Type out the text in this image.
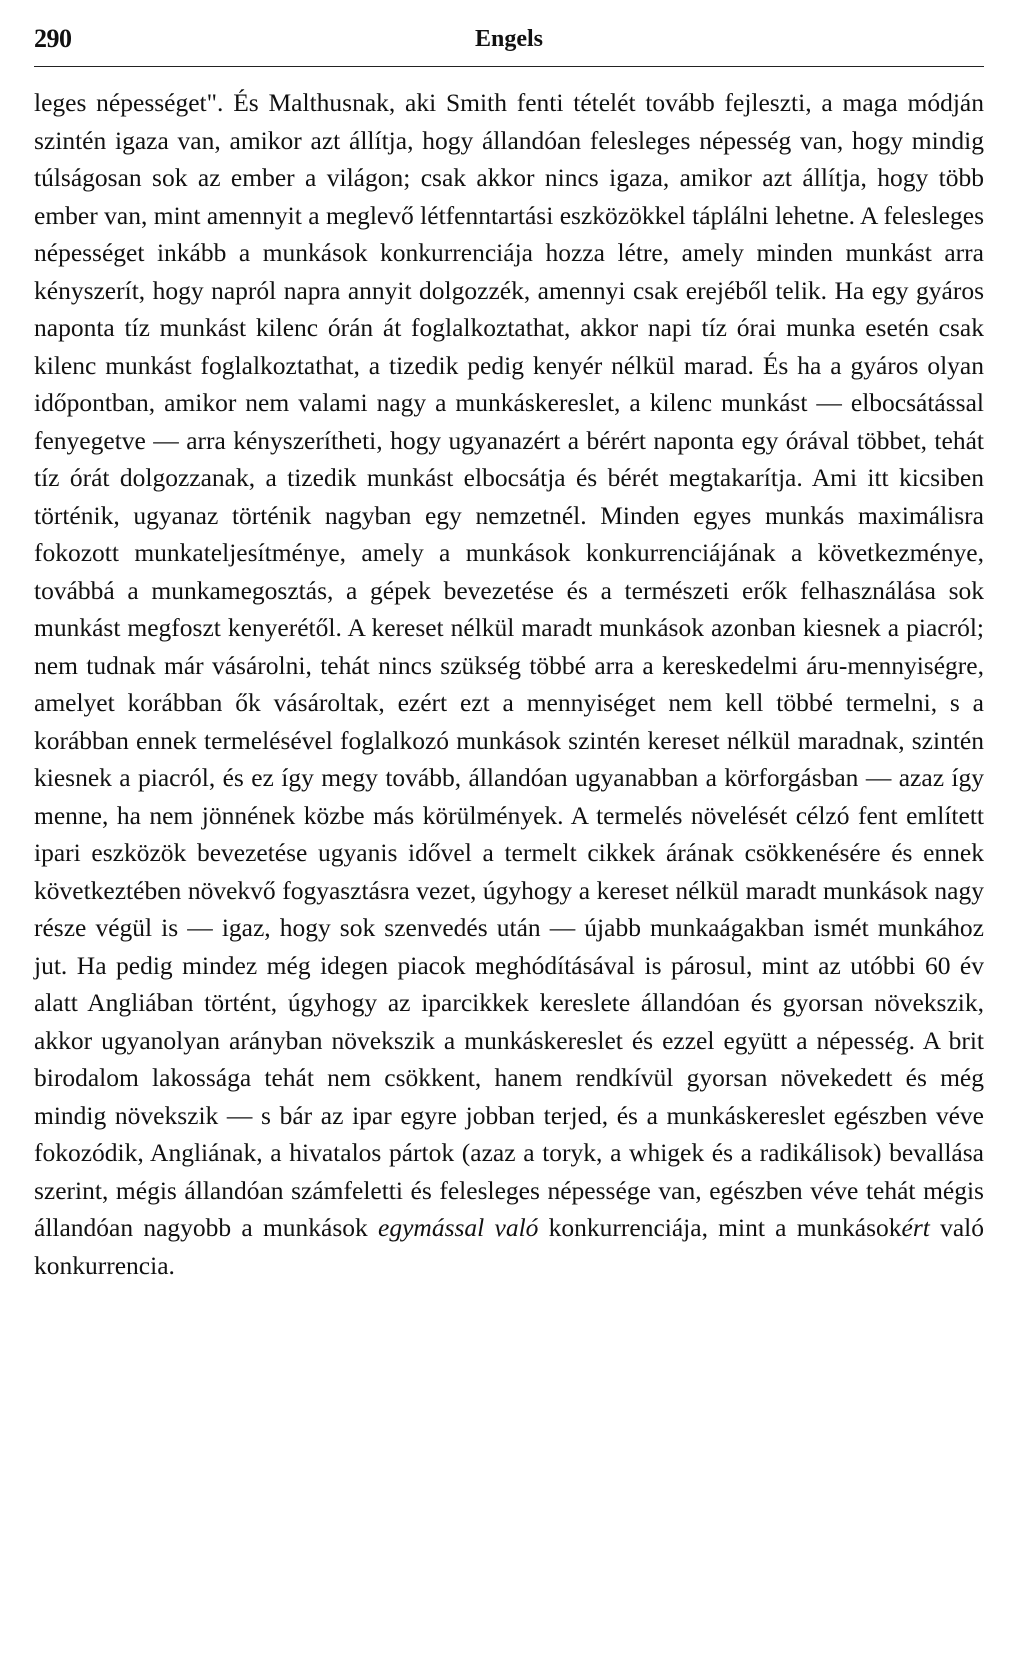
290	Engels

leges népességet". És Malthusnak, aki Smith fenti tételét tovább fejleszti, a maga módján szintén igaza van, amikor azt állítja, hogy állandóan felesleges népesség van, hogy mindig túlságosan sok az ember a világon; csak akkor nincs igaza, amikor azt állítja, hogy több ember van, mint amennyit a meglevő létfenntartási eszközökkel táplálni lehetne. A felesleges népességet inkább a munkások konkurrenciája hozza létre, amely minden munkást arra kényszerít, hogy napról napra annyit dolgozzék, amennyi csak erejéből telik. Ha egy gyáros naponta tíz munkást kilenc órán át foglalkoztathat, akkor napi tíz órai munka esetén csak kilenc munkást foglalkoztathat, a tizedik pedig kenyér nélkül marad. És ha a gyáros olyan időpontban, amikor nem valami nagy a munkáskereslet, a kilenc munkást — elbocsátással fenyegetve — arra kényszerítheti, hogy ugyanazért a bérért naponta egy órával többet, tehát tíz órát dolgozzanak, a tizedik munkást elbocsátja és bérét megtakarítja. Ami itt kicsiben történik, ugyanaz történik nagyban egy nemzetnél. Minden egyes munkás maximálisra fokozott munkateljesítménye, amely a munkások konkurrenciájának a következménye, továbbá a munkamegosztás, a gépek bevezetése és a természeti erők felhasználása sok munkást megfoszt kenyerétől. A kereset nélkül maradt munkások azonban kiesnek a piacról; nem tudnak már vásárolni, tehát nincs szükség többé arra a kereskedelmi áru-mennyiségre, amelyet korábban ők vásároltak, ezért ezt a mennyiséget nem kell többé termelni, s a korábban ennek termelésével foglalkozó munkások szintén kereset nélkül maradnak, szintén kiesnek a piacról, és ez így megy tovább, állandóan ugyanabban a körforgásban — azaz így menne, ha nem jönnének közbe más körülmények. A termelés növelését célzó fent említett ipari eszközök bevezetése ugyanis idővel a termelt cikkek árának csökkenésére és ennek következtében növekvő fogyasztásra vezet, úgyhogy a kereset nélkül maradt munkások nagy része végül is — igaz, hogy sok szenvedés után — újabb munkaágakban ismét munkához jut. Ha pedig mindez még idegen piacok meghódításával is párosul, mint az utóbbi 60 év alatt Angliában történt, úgyhogy az iparcikkek kereslete állandóan és gyorsan növekszik, akkor ugyanolyan arányban növekszik a munkáskereslet és ezzel együtt a népesség. A brit birodalom lakossága tehát nem csökkent, hanem rendkívül gyorsan növekedett és még mindig növekszik — s bár az ipar egyre jobban terjed, és a munkáskereslet egészben véve fokozódik, Angliának, a hivatalos pártok (azaz a toryk, a whigek és a radikálisok) bevallása szerint, mégis állandóan számfeletti és felesleges népessége van, egészben véve tehát mégis állandóan nagyobb a munkások egymással való konkurrenciája, mint a munkásokért való konkurrencia.
